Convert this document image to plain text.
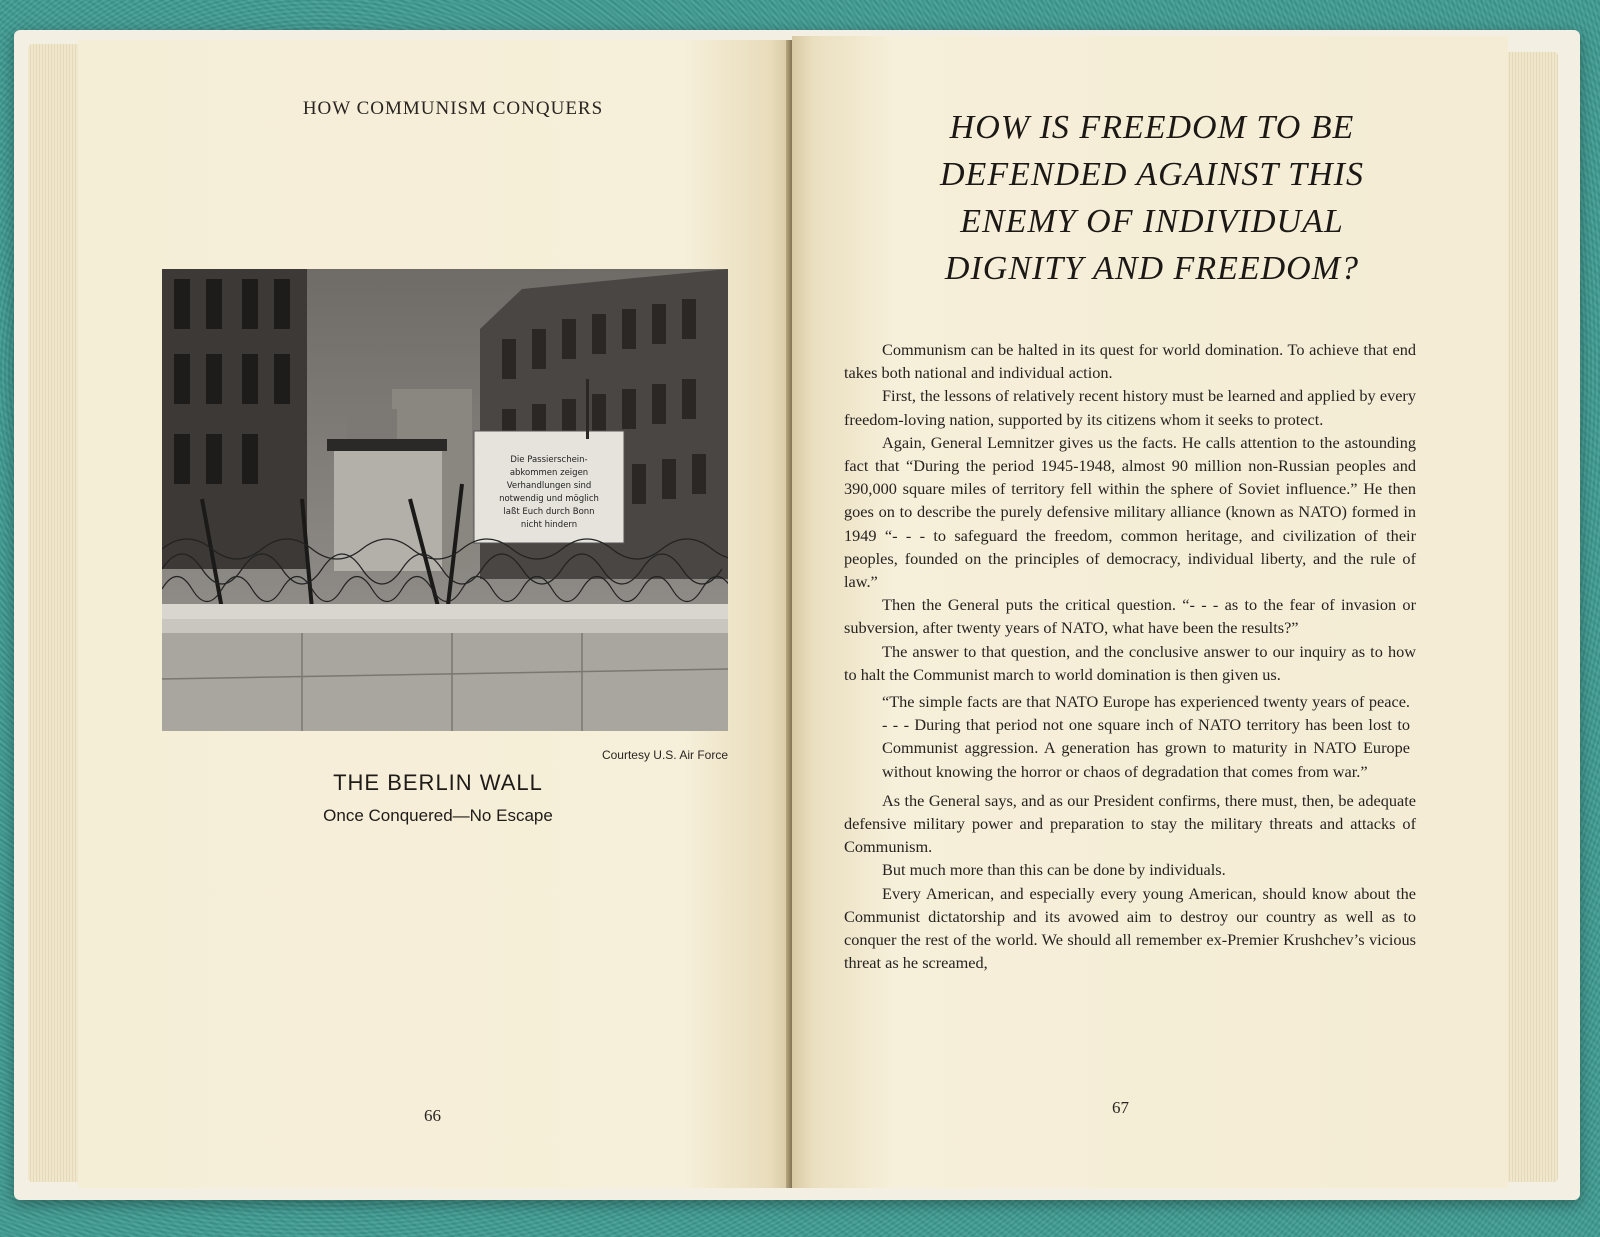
HOW COMMUNISM CONQUERS
Die Passierschein-
abkommen zeigen
Verhandlungen sind
notwendig und möglich
laßt Euch durch Bonn
nicht hindern
Courtesy U.S. Air Force
THE BERLIN WALL
Once Conquered—No Escape
66
HOW IS FREEDOM TO BE
DEFENDED AGAINST THIS
ENEMY OF INDIVIDUAL
DIGNITY AND FREEDOM?

Communism can be halted in its quest for world domination. To achieve that end takes both national and individual action.

First, the lessons of relatively recent history must be learned and applied by every freedom-loving nation, supported by its citizens whom it seeks to protect.

Again, General Lemnitzer gives us the facts. He calls attention to the astounding fact that “During the period 1945-1948, almost 90 million non-Russian peoples and 390,000 square miles of territory fell within the sphere of Soviet influence.” He then goes on to describe the purely defensive military alliance (known as NATO) formed in 1949 “- - - to safeguard the freedom, common heritage, and civilization of their peoples, founded on the principles of democracy, individual liberty, and the rule of law.”

Then the General puts the critical question. “- - - as to the fear of invasion or subversion, after twenty years of NATO, what have been the results?”

The answer to that question, and the conclusive answer to our inquiry as to how to halt the Communist march to world domination is then given us.

“The simple facts are that NATO Europe has experienced twenty years of peace. - - - During that period not one square inch of NATO territory has been lost to Communist aggression. A generation has grown to maturity in NATO Europe without knowing the horror or chaos of degradation that comes from war.”

As the General says, and as our President confirms, there must, then, be adequate defensive military power and preparation to stay the military threats and attacks of Communism.

But much more than this can be done by individuals.

Every American, and especially every young American, should know about the Communist dictatorship and its avowed aim to destroy our country as well as to conquer the rest of the world. We should all remember ex-Premier Krushchev’s vicious threat as he screamed,

67
